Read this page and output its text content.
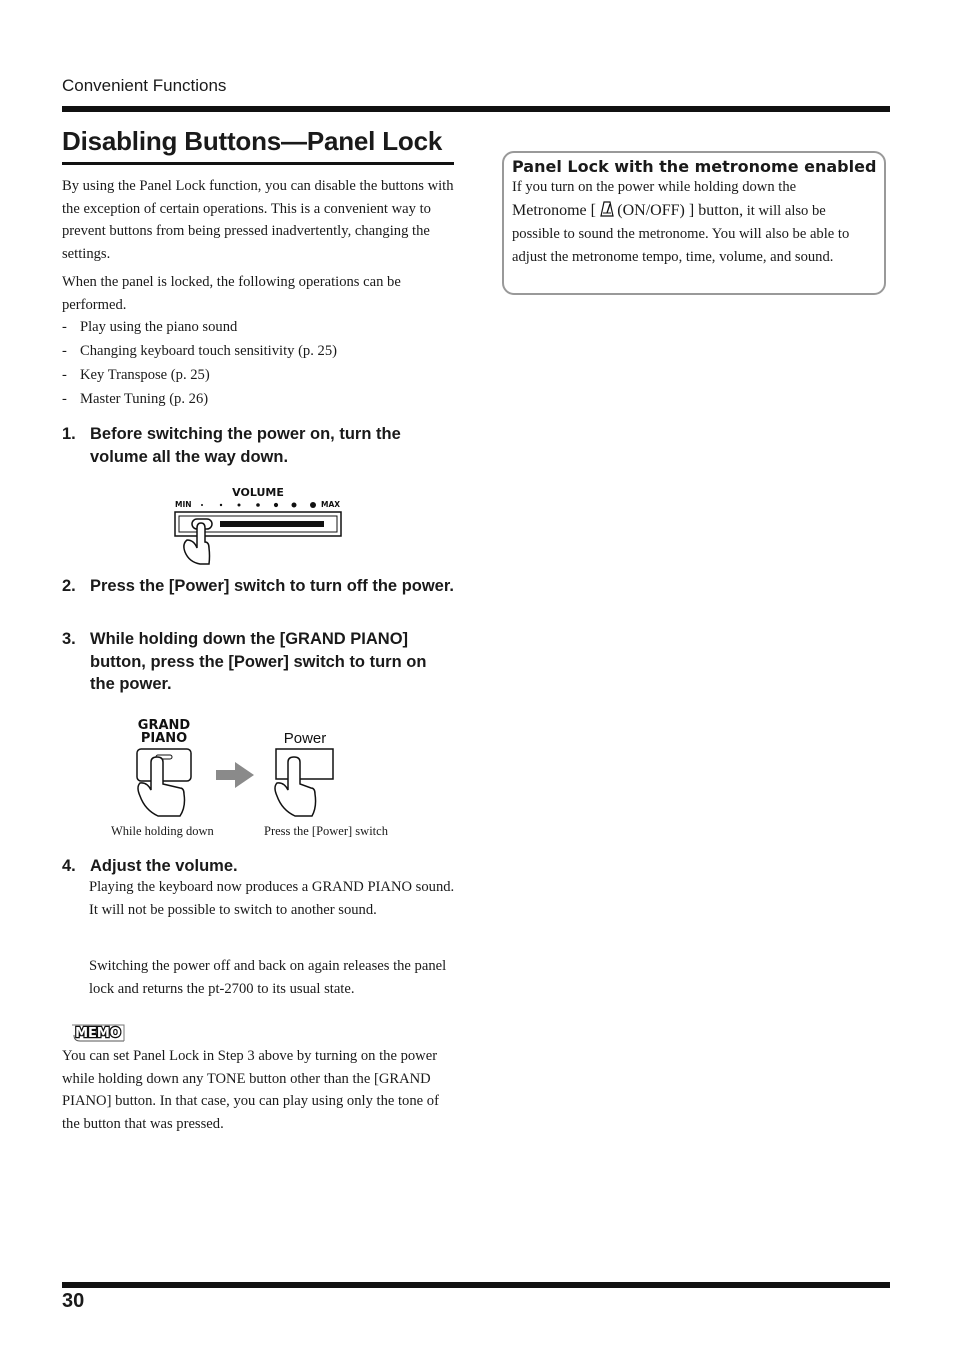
Convenient Functions
Disabling Buttons—Panel Lock
By using the Panel Lock function, you can disable the buttons with the exception of certain operations. This is a convenient way to prevent buttons from being pressed inadvertently, changing the settings.
When the panel is locked, the following operations can be performed.
- Play using the piano sound
- Changing keyboard touch sensitivity (p. 25)
- Key Transpose (p. 25)
- Master Tuning (p. 26)
1. Before switching the power on, turn the volume all the way down.
VOLUME
MIN	MAX
2. Press the [Power] switch to turn off the power.
3. While holding down the [GRAND PIANO] button, press the [Power] switch to turn on the power.
GRAND
PIANO	Power
While holding down	Press the [Power] switch
4. Adjust the volume.
Playing the keyboard now produces a GRAND PIANO sound.
It will not be possible to switch to another sound.
Switching the power off and back on again releases the panel lock and returns the pt-2700 to its usual state.
MEMO
You can set Panel Lock in Step 3 above by turning on the power while holding down any TONE button other than the [GRAND PIANO] button. In that case, you can play using only the tone of the button that was pressed.
Panel Lock with the metronome enabled
If you turn on the power while holding down the
Metronome [ (ON/OFF) ] button, it will also be possible to sound the metronome. You will also be able to adjust the metronome tempo, time, volume, and sound.
30
